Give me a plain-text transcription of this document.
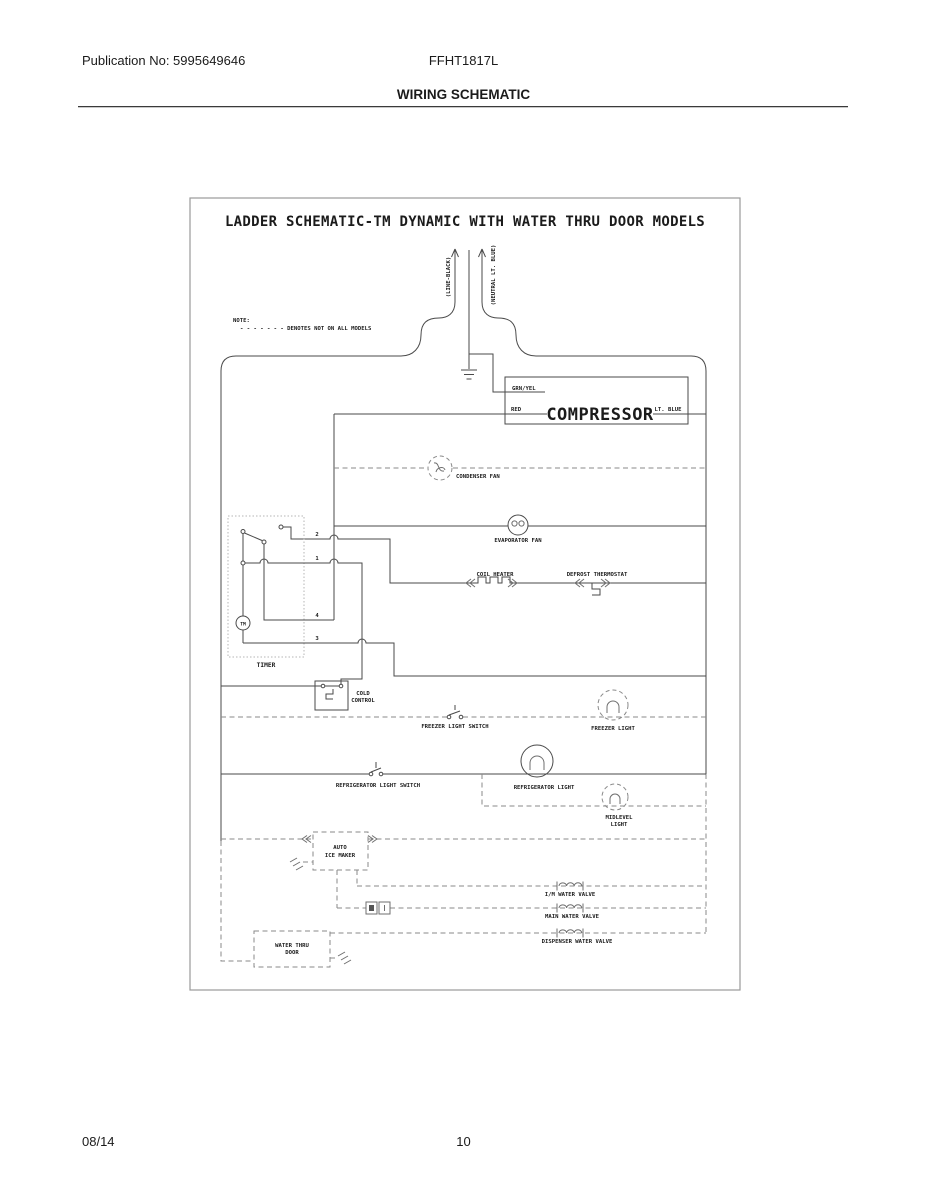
Publication No: 5995649646	FFHT1817L
WIRING SCHEMATIC
LADDER SCHEMATIC-TM DYNAMIC WITH WATER THRU DOOR MODELS
NOTE:
- - - - - - - DENOTES NOT ON ALL MODELS
(LINE-BLACK)	(NEUTRAL LT. BLUE)
GRN/YEL
RED	LT. BLUE
COMPRESSOR
CONDENSER FAN
EVAPORATOR FAN
COIL HEATER	DEFROST THERMOSTAT
TM
2
1
4
3
TIMER
COLD
CONTROL
FREEZER LIGHT SWITCH	FREEZER LIGHT
REFRIGERATOR LIGHT SWITCH	REFRIGERATOR LIGHT
MIDLEVEL
LIGHT
AUTO
ICE MAKER
I/M WATER VALVE
MAIN WATER VALVE
DISPENSER WATER VALVE
WATER THRU
DOOR
08/14	10
